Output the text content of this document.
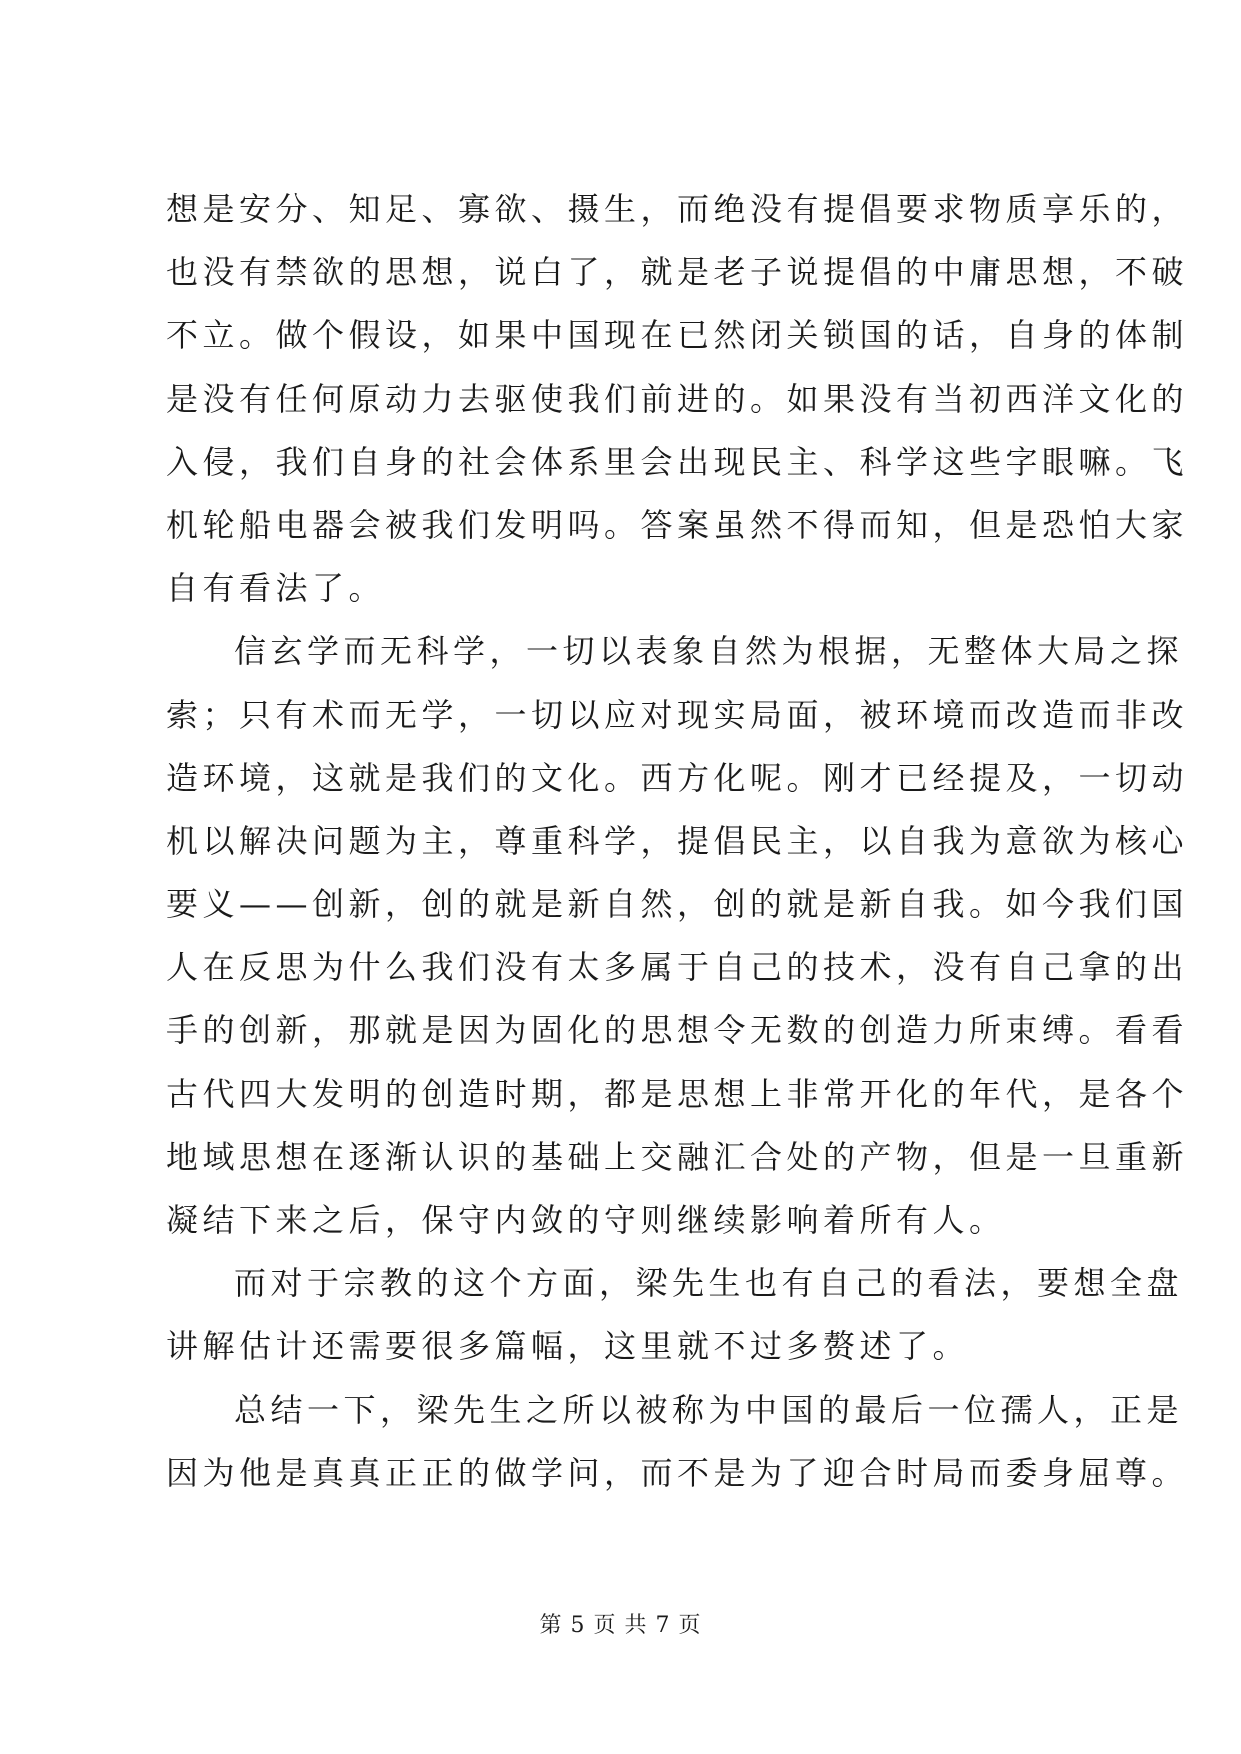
想是安分、知足、寡欲、摄生，而绝没有提倡要求物质享乐的，
也没有禁欲的思想，说白了，就是老子说提倡的中庸思想，不破
不立。做个假设，如果中国现在已然闭关锁国的话，自身的体制
是没有任何原动力去驱使我们前进的。如果没有当初西洋文化的
入侵，我们自身的社会体系里会出现民主、科学这些字眼嘛。飞
机轮船电器会被我们发明吗。答案虽然不得而知，但是恐怕大家
自有看法了。
信玄学而无科学，一切以表象自然为根据，无整体大局之探
索；只有术而无学，一切以应对现实局面，被环境而改造而非改
造环境，这就是我们的文化。西方化呢。刚才已经提及，一切动
机以解决问题为主，尊重科学，提倡民主，以自我为意欲为核心
要义——创新，创的就是新自然，创的就是新自我。如今我们国
人在反思为什么我们没有太多属于自己的技术，没有自己拿的出
手的创新，那就是因为固化的思想令无数的创造力所束缚。看看
古代四大发明的创造时期，都是思想上非常开化的年代，是各个
地域思想在逐渐认识的基础上交融汇合处的产物，但是一旦重新
凝结下来之后，保守内敛的守则继续影响着所有人。
而对于宗教的这个方面，梁先生也有自己的看法，要想全盘
讲解估计还需要很多篇幅，这里就不过多赘述了。
总结一下，梁先生之所以被称为中国的最后一位孺人，正是
因为他是真真正正的做学问，而不是为了迎合时局而委身屈尊。
第 5 页 共 7 页
